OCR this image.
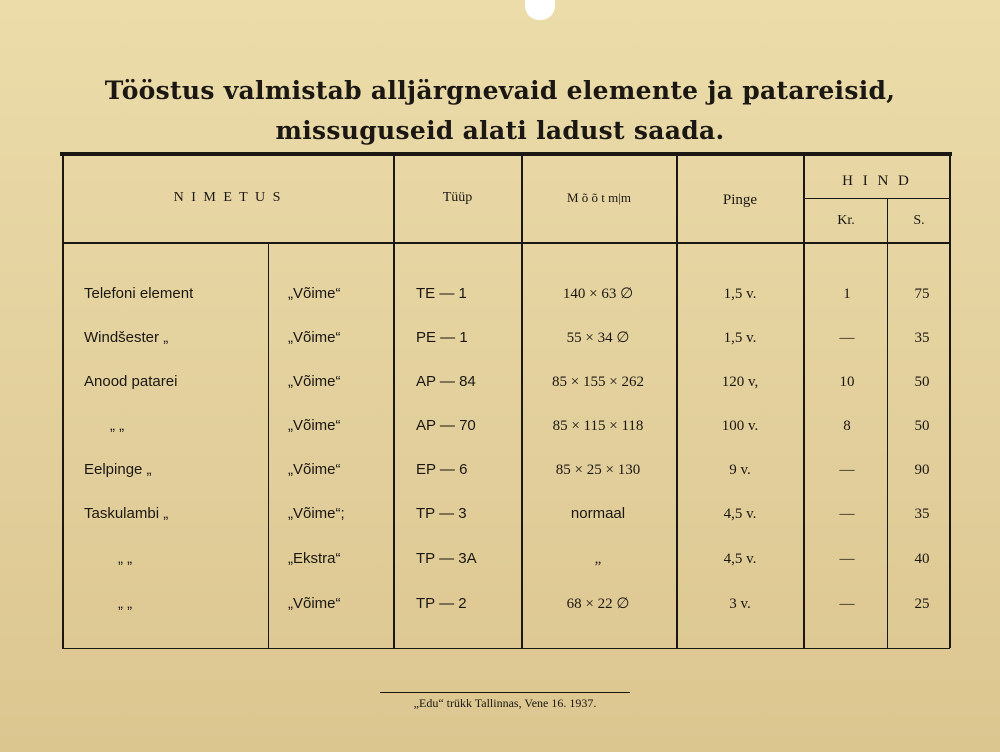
Tööstus valmistab alljärgnevaid elemente ja patareisid,
missuguseid alati ladust saada.
N I M E T U S	Tüüp	M õ õ t m|m	Pinge
H I N D
Kr.	S.
Telefoni element	„Võime“	TE — 1	140 × 63 ∅	1,5 v.	1	75
Windšester „	„Võime“	PE — 1	55 × 34 ∅	1,5 v.	—	35
Anood patarei	„Võime“	AP — 84	85 × 155 × 262	120 v,	10	50
„ „	„Võime“	AP — 70	85 × 115 × 118	100 v.	8	50
Eelpinge „	„Võime“	EP — 6	85 × 25 × 130	9 v.	—	90
Taskulambi „	„Võime“;	TP — 3	normaal	4,5 v.	—	35
„ „	„Ekstra“	TP — 3A	„	4,5 v.	—	40
„ „	„Võime“	TP — 2	68 × 22 ∅	3 v.	—	25
„Edu“ trükk Tallinnas, Vene 16. 1937.
